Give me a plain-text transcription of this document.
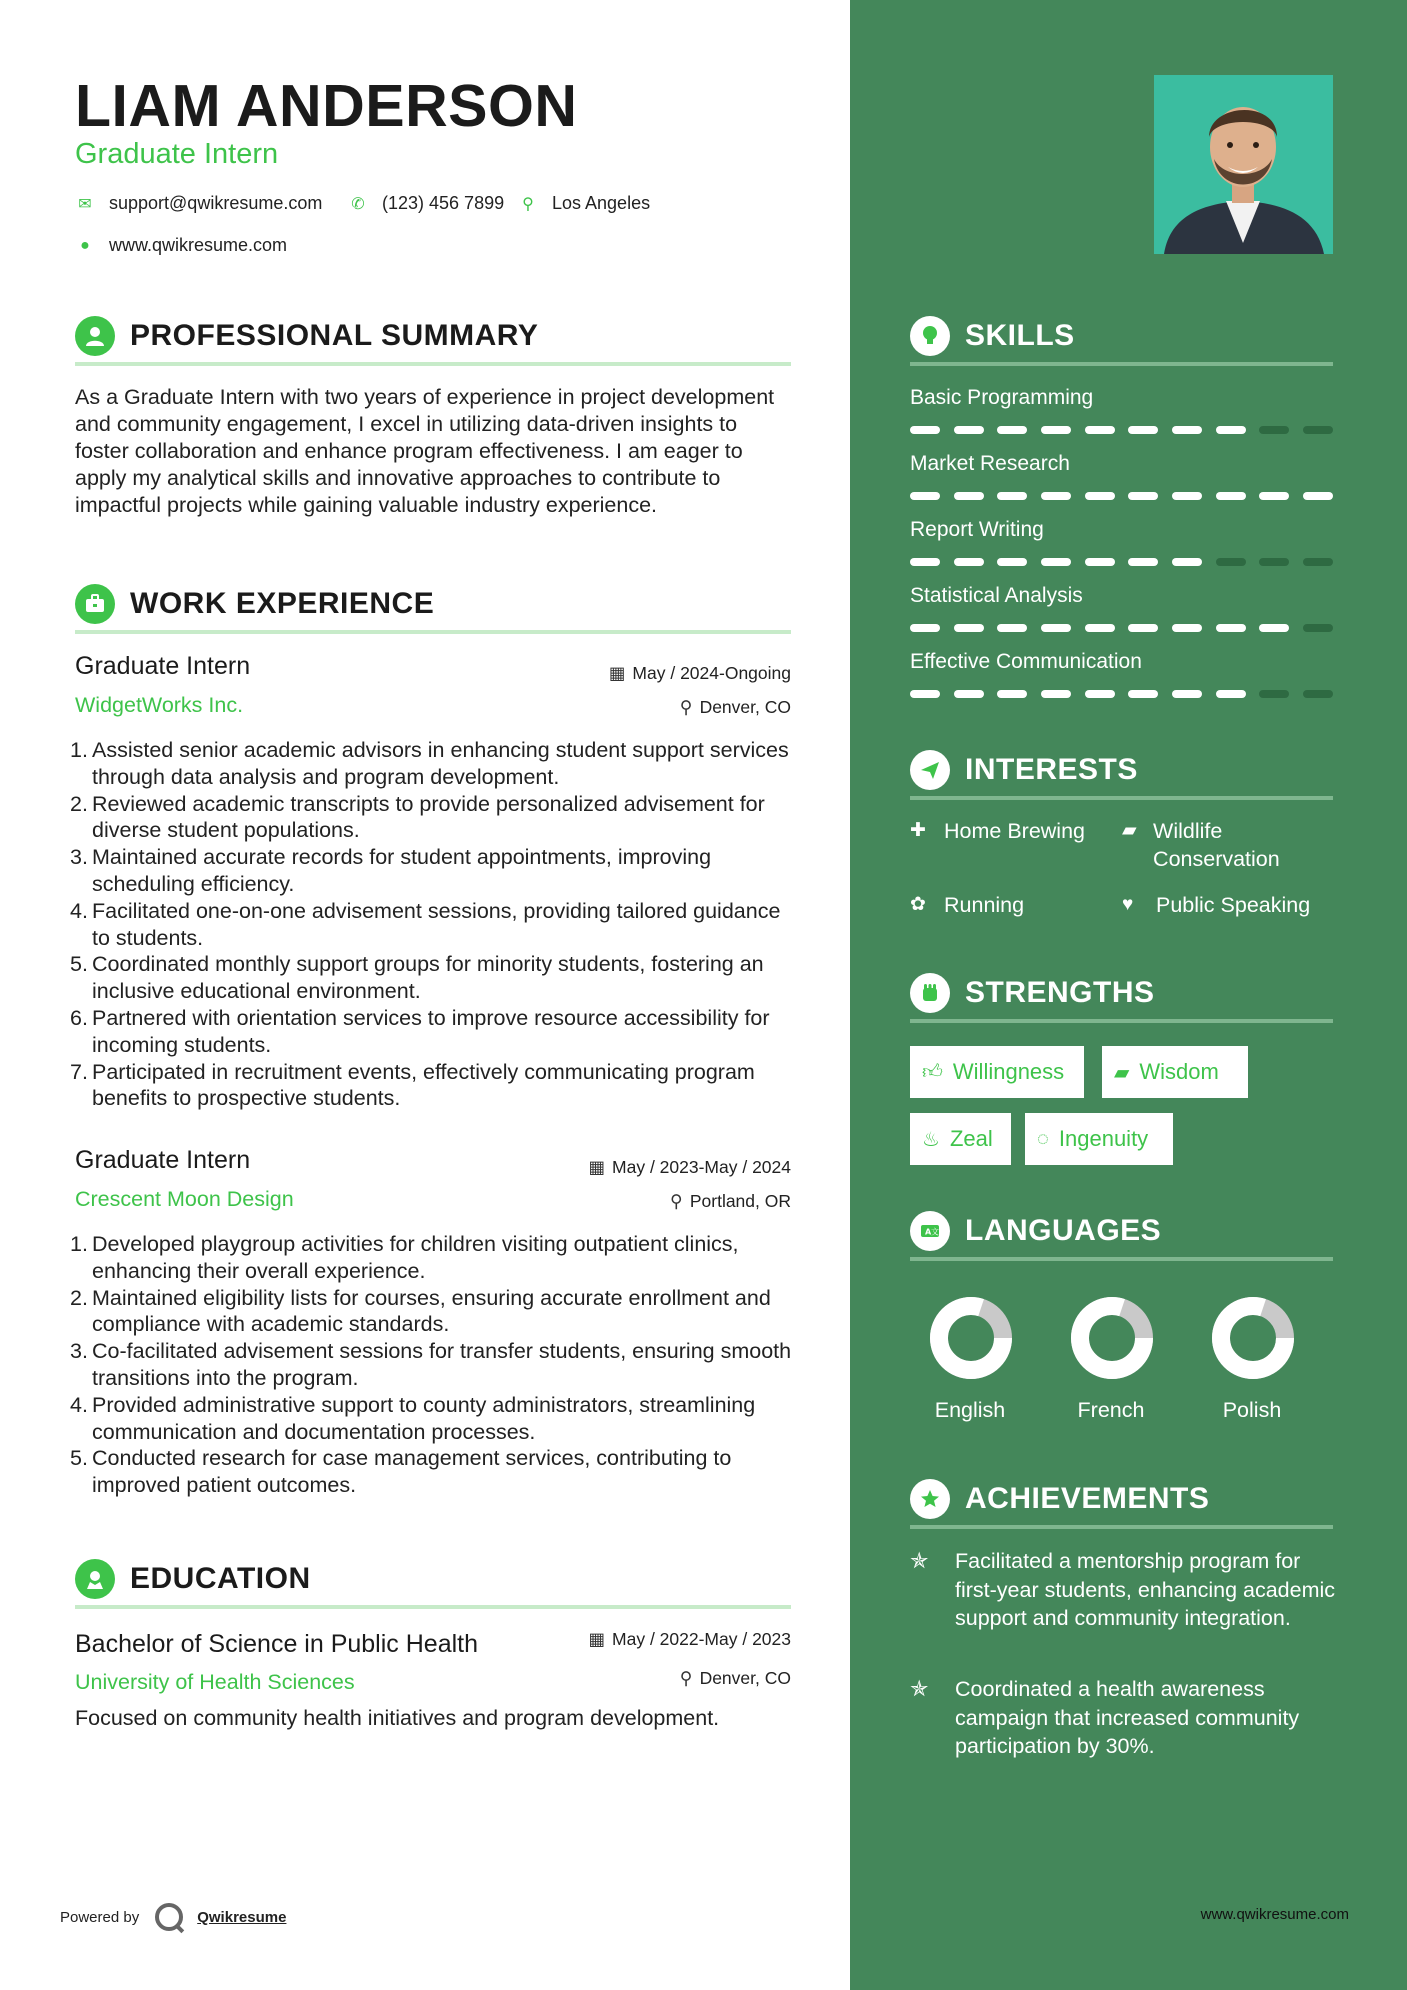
LIAM ANDERSON
Graduate Intern
✉ support@qwikresume.com ✆ (123) 456 7899 ⚲ Los Angeles
● www.qwikresume.com
PROFESSIONAL SUMMARY
As a Graduate Intern with two years of experience in project development and community engagement, I excel in utilizing data-driven insights to foster collaboration and enhance program effectiveness. I am eager to apply my analytical skills and innovative approaches to contribute to impactful projects while gaining valuable industry experience.
WORK EXPERIENCE
Graduate Intern
WidgetWorks Inc.
▦ May / 2024-Ongoing
⚲ Denver, CO
1. Assisted senior academic advisors in enhancing student support services through data analysis and program development.
2. Reviewed academic transcripts to provide personalized advisement for diverse student populations.
3. Maintained accurate records for student appointments, improving scheduling efficiency.
4. Facilitated one-on-one advisement sessions, providing tailored guidance to students.
5. Coordinated monthly support groups for minority students, fostering an inclusive educational environment.
6. Partnered with orientation services to improve resource accessibility for incoming students.
7. Participated in recruitment events, effectively communicating program benefits to prospective students.
Graduate Intern
Crescent Moon Design
▦ May / 2023-May / 2024
⚲ Portland, OR
1. Developed playgroup activities for children visiting outpatient clinics, enhancing their overall experience.
2. Maintained eligibility lists for courses, ensuring accurate enrollment and compliance with academic standards.
3. Co-facilitated advisement sessions for transfer students, ensuring smooth transitions into the program.
4. Provided administrative support to county administrators, streamlining communication and documentation processes.
5. Conducted research for case management services, contributing to improved patient outcomes.
EDUCATION
Bachelor of Science in Public Health
University of Health Sciences
▦ May / 2022-May / 2023
⚲ Denver, CO
Focused on community health initiatives and program development.
Powered by	Qwikresume
SKILLS
Basic Programming
Market Research
Report Writing
Statistical Analysis
Effective Communication
INTERESTS
✚ Home Brewing ▰ Wildlife Conservation
✿ Running	♥	Public Speaking
STRENGTHS
👍︎ Willingness ▰ Wisdom
♨ Zeal ◌ Ingenuity
A 文 LANGUAGES
English	French	Polish
ACHIEVEMENTS
✯	Facilitated a mentorship program for first-year students, enhancing academic support and community integration.
✯	Coordinated a health awareness campaign that increased community participation by 30%.
www.qwikresume.com
